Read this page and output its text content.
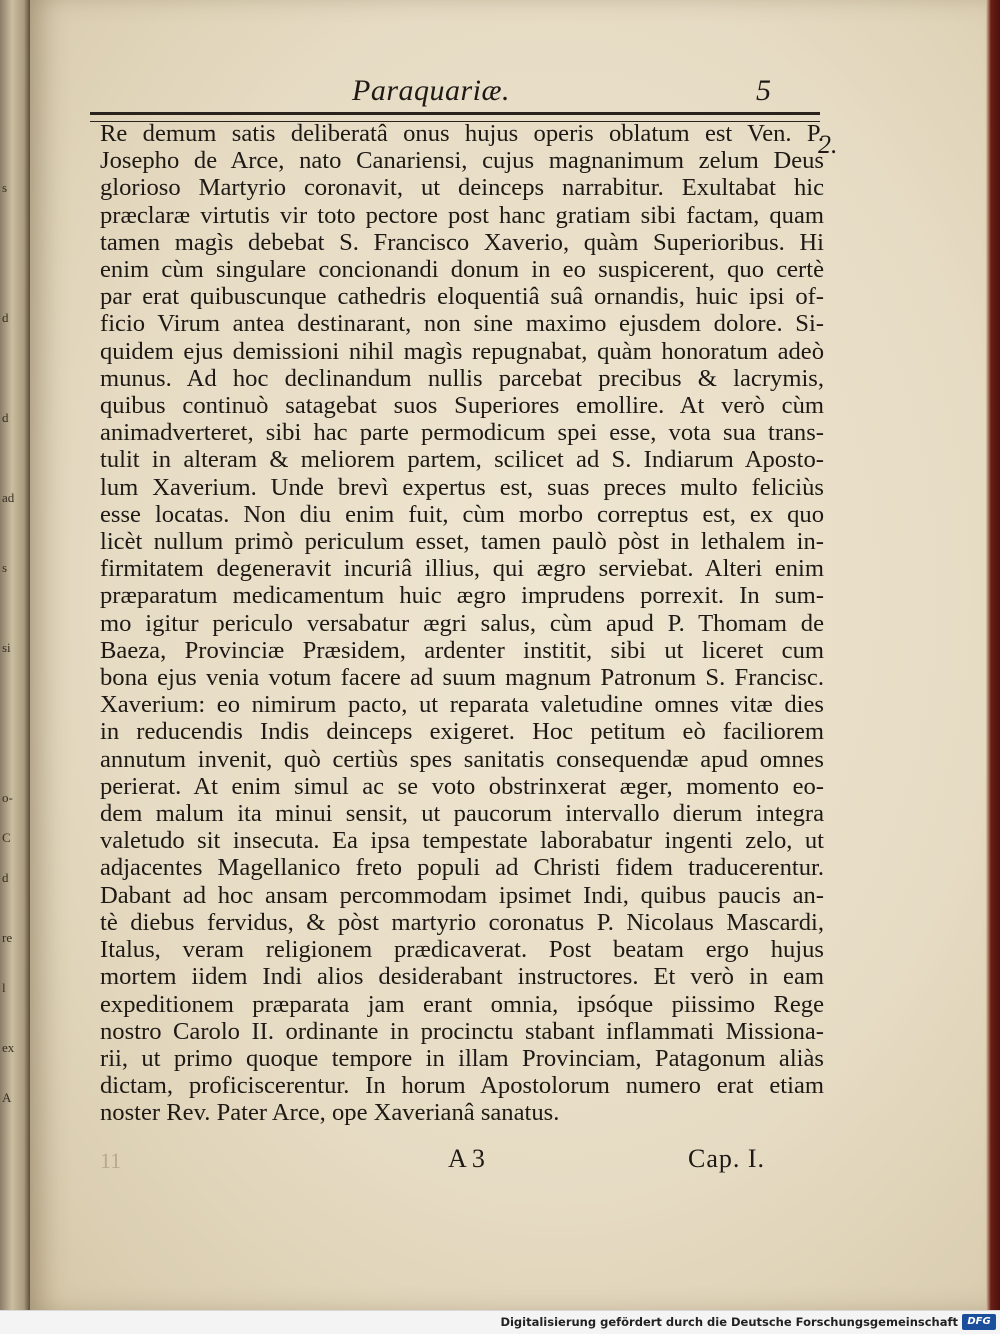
s
d
d
ad
s
si
o-
C
d
re
l
ex
A
Paraquariæ.	5
2.
Re demum satis deliberatâ onus hujus operis oblatum est Ven. P.
Josepho de Arce, nato Canariensi, cujus magnanimum zelum Deus
glorioso Martyrio coronavit, ut deinceps narrabitur. Exultabat hic
præclaræ virtutis vir toto pectore post hanc gratiam sibi factam, quam
tamen magìs debebat S. Francisco Xaverio, quàm Superioribus. Hi
enim cùm singulare concionandi donum in eo suspicerent, quo certè
par erat quibuscunque cathedris eloquentiâ suâ ornandis, huic ipsi of-
ficio Virum antea destinarant, non sine maximo ejusdem dolore. Si-
quidem ejus demissioni nihil magìs repugnabat, quàm honoratum adeò
munus. Ad hoc declinandum nullis parcebat precibus & lacrymis,
quibus continuò satagebat suos Superiores emollire. At verò cùm
animadverteret, sibi hac parte permodicum spei esse, vota sua trans-
tulit in alteram & meliorem partem, scilicet ad S. Indiarum Aposto-
lum Xaverium. Unde brevì expertus est, suas preces multo feliciùs
esse locatas. Non diu enim fuit, cùm morbo correptus est, ex quo
licèt nullum primò periculum esset, tamen paulò pòst in lethalem in-
firmitatem degeneravit incuriâ illius, qui ægro serviebat. Alteri enim
præparatum medicamentum huic ægro imprudens porrexit. In sum-
mo igitur periculo versabatur ægri salus, cùm apud P. Thomam de
Baeza, Provinciæ Præsidem, ardenter institit, sibi ut liceret cum
bona ejus venia votum facere ad suum magnum Patronum S. Francisc.
Xaverium: eo nimirum pacto, ut reparata valetudine omnes vitæ dies
in reducendis Indis deinceps exigeret. Hoc petitum eò faciliorem
annutum invenit, quò certiùs spes sanitatis consequendæ apud omnes
perierat. At enim simul ac se voto obstrinxerat æger, momento eo-
dem malum ita minui sensit, ut paucorum intervallo dierum integra
valetudo sit insecuta. Ea ipsa tempestate laborabatur ingenti zelo, ut
adjacentes Magellanico freto populi ad Christi fidem traducerentur.
Dabant ad hoc ansam percommodam ipsimet Indi, quibus paucis an-
tè diebus fervidus, & pòst martyrio coronatus P. Nicolaus Mascardi,
Italus, veram religionem prædicaverat. Post beatam ergo hujus
mortem iidem Indi alios desiderabant instructores. Et verò in eam
expeditionem præparata jam erant omnia, ipsóque piissimo Rege
nostro Carolo II. ordinante in procinctu stabant inflammati Missiona-
rii, ut primo quoque tempore in illam Provinciam, Patagonum aliàs
dictam, proficiscerentur. In horum Apostolorum numero erat etiam
noster Rev. Pater Arce, ope Xaverianâ sanatus.
11	A 3	Cap. I.
Digitalisierung gefördert durch die Deutsche Forschungsgemeinschaft DFG
